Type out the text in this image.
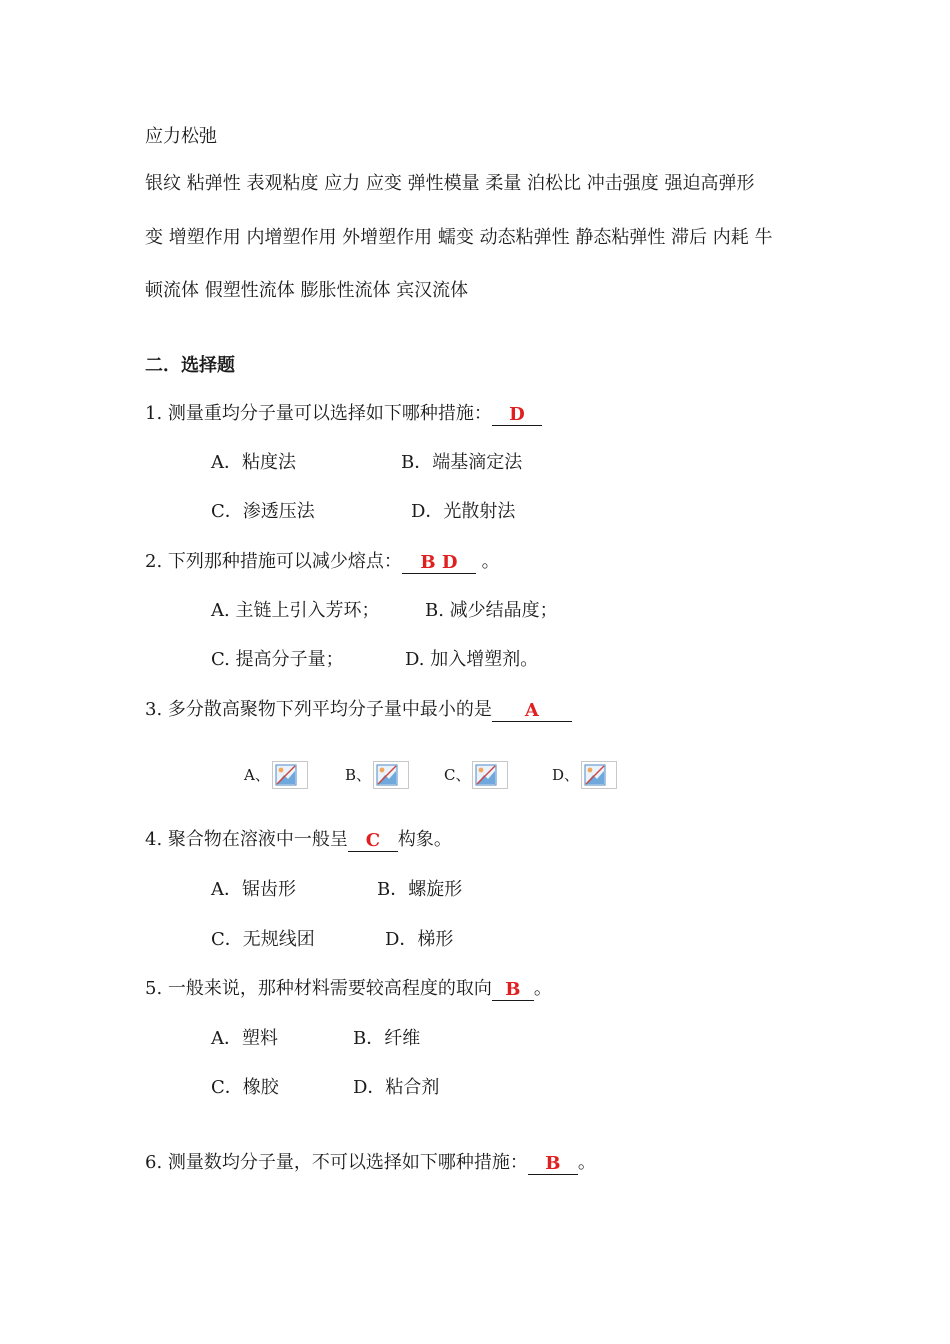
应力松弛
银纹 粘弹性 表观粘度 应力 应变 弹性模量 柔量 泊松比 冲击强度 强迫高弹形
变 增塑作用 内增塑作用 外增塑作用 蠕变 动态粘弹性 静态粘弹性 滞后 内耗 牛
顿流体 假塑性流体 膨胀性流体 宾汉流体
二．选择题
1. 测量重均分子量可以选择如下哪种措施： D
A．粘度法	B．端基滴定法
C．渗透压法	D．光散射法
2. 下列那种措施可以减少熔点： B D 。
A. 主链上引入芳环；	B. 减少结晶度；
C. 提高分子量；	D. 加入增塑剂。
3. 多分散高聚物下列平均分子量中最小的是 A
A、	B、	C、	D、
4. 聚合物在溶液中一般呈 C 构象。
A．锯齿形	B．螺旋形
C．无规线团	D．梯形
5. 一般来说，那种材料需要较高程度的取向 B 。
A．塑料	B．纤维
C．橡胶	D．粘合剂
6. 测量数均分子量，不可以选择如下哪种措施： B 。
